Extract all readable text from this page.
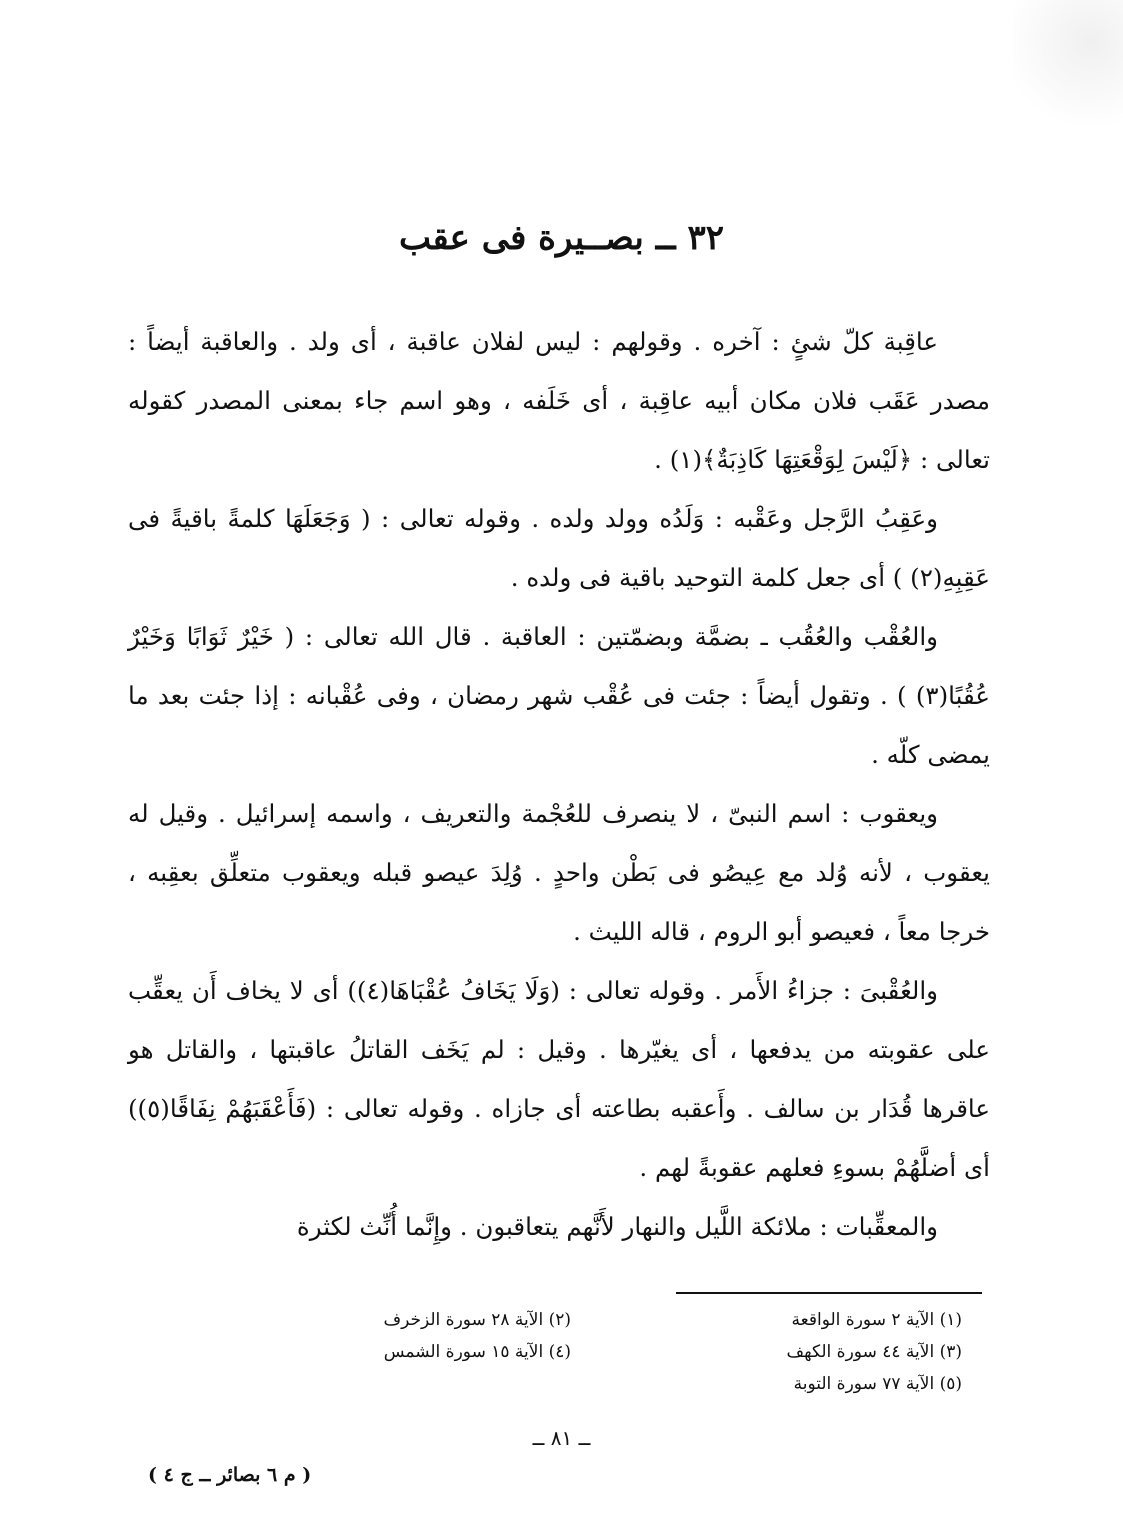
٣٢ ــ بصــيرة فى عقب

عاقِبة كلّ شئٍ : آخره . وقولهم : ليس لفلان عاقبة ، أى ولد . والعاقبة أيضاً : مصدر عَقَب فلان مكان أبيه عاقِبة ، أى خَلَفه ، وهو اسم جاء بمعنى المصدر كقوله تعالى : ﴿لَيْسَ لِوَقْعَتِهَا كَاذِبَةٌ﴾(١) .

وعَقِبُ الرَّجل وعَقْبه : وَلَدُه وولد ولده . وقوله تعالى : ( وَجَعَلَهَا كلمةً باقيةً فى عَقِبِهِ(٢) ) أى جعل كلمة التوحيد باقية فى ولده .

والعُقْب والعُقُب ـ بضمَّة وبضمّتين : العاقبة . قال الله تعالى : ( خَيْرٌ ثَوَابًا وَخَيْرٌ عُقُبًا(٣) ) . وتقول أيضاً : جئت فى عُقْب شهر رمضان ، وفى عُقْبانه : إذا جئت بعد ما يمضى كلّه .

ويعقوب : اسم النبىّ ، لا ينصرف للعُجْمة والتعريف ، واسمه إسرائيل . وقيل له يعقوب ، لأنه وُلد مع عِيصُو فى بَطْن واحدٍ . وُلِدَ عيصو قبله ويعقوب متعلِّق بعقِبه ، خرجا معاً ، فعيصو أبو الروم ، قاله الليث .

والعُقْبىَ : جزاءُ الأَمر . وقوله تعالى : (وَلَا يَخَافُ عُقْبَاهَا(٤)) أى لا يخاف أَن يعقِّب على عقوبته من يدفعها ، أى يغيّرها . وقيل : لم يَخَف القاتلُ عاقبتها ، والقاتل هو عاقرها قُدَار بن سالف . وأَعقبه بطاعته أى جازاه . وقوله تعالى : (فَأَعْقَبَهُمْ نِفَاقًا(٥)) أى أضلَّهُمْ بسوءِ فعلهم عقوبةً لهم .

والمعقِّبات : ملائكة اللَّيل والنهار لأَنَّهم يتعاقبون . وإِنَّما أُنِّث لكثرة

(١) الآية ٢ سورة الواقعة
(٢) الآية ٢٨ سورة الزخرف
(٣) الآية ٤٤ سورة الكهف
(٤) الآية ١٥ سورة الشمس
(٥) الآية ٧٧ سورة التوبة
ــ ٨١ ــ
( م ٦ بصائر ــ ج ٤ )
